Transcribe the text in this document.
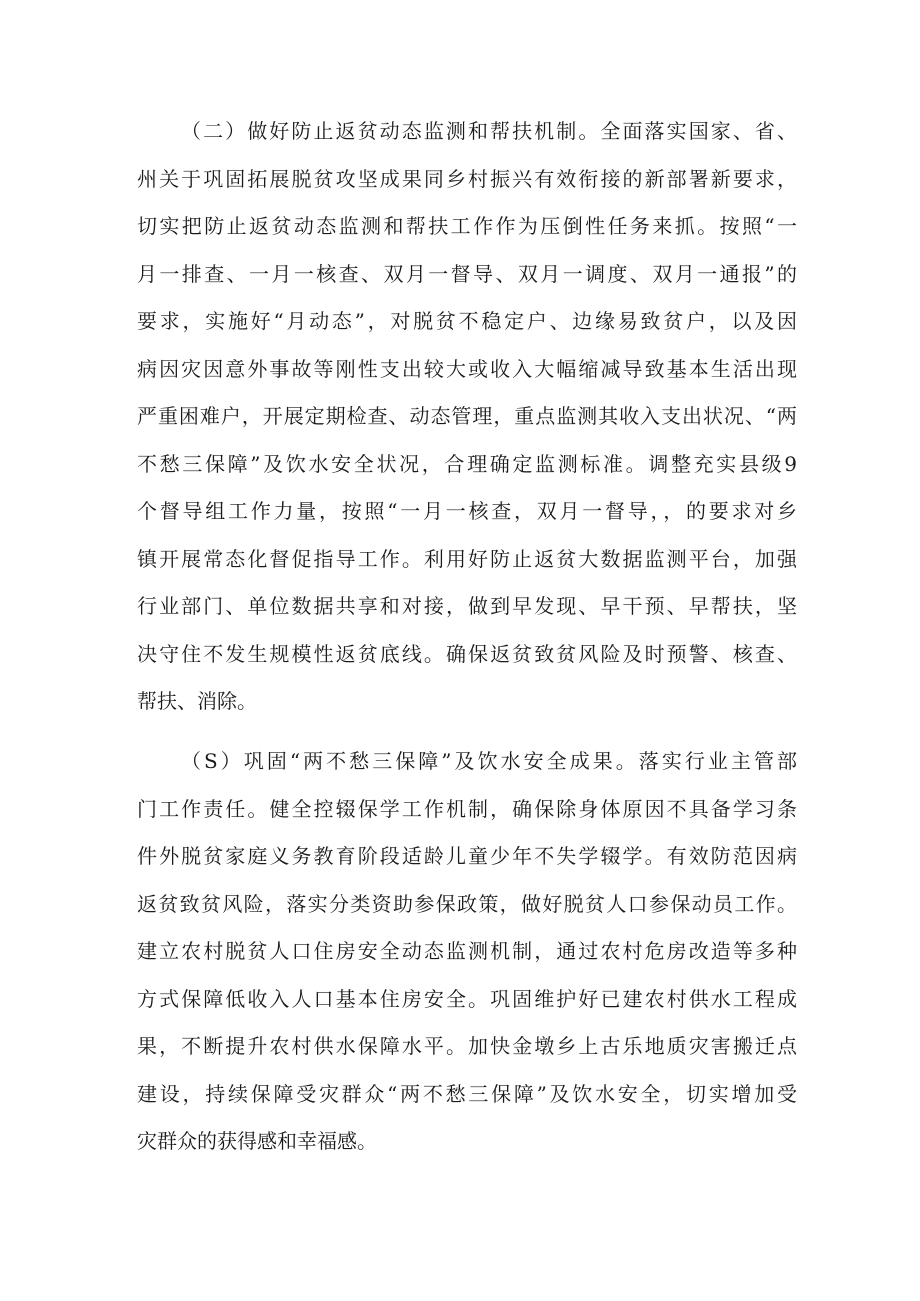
（二）做好防止返贫动态监测和帮扶机制。全面落实国家、省、
州关于巩固拓展脱贫攻坚成果同乡村振兴有效衔接的新部署新要求，
切实把防止返贫动态监测和帮扶工作作为压倒性任务来抓。按照“一
月一排查、一月一核查、双月一督导、双月一调度、双月一通报”的
要求，实施好“月动态”，对脱贫不稳定户、边缘易致贫户，以及因
病因灾因意外事故等刚性支出较大或收入大幅缩减导致基本生活出现
严重困难户，开展定期检查、动态管理，重点监测其收入支出状况、“两
不愁三保障”及饮水安全状况，合理确定监测标准。调整充实县级9
个督导组工作力量，按照“一月一核查，双月一督导，，的要求对乡
镇开展常态化督促指导工作。利用好防止返贫大数据监测平台，加强
行业部门、单位数据共享和对接，做到早发现、早干预、早帮扶，坚
决守住不发生规模性返贫底线。确保返贫致贫风险及时预警、核查、
帮扶、消除。
（S）巩固“两不愁三保障”及饮水安全成果。落实行业主管部
门工作责任。健全控辍保学工作机制，确保除身体原因不具备学习条
件外脱贫家庭义务教育阶段适龄儿童少年不失学辍学。有效防范因病
返贫致贫风险，落实分类资助参保政策，做好脱贫人口参保动员工作。
建立农村脱贫人口住房安全动态监测机制，通过农村危房改造等多种
方式保障低收入人口基本住房安全。巩固维护好已建农村供水工程成
果，不断提升农村供水保障水平。加快金墩乡上古乐地质灾害搬迁点
建设，持续保障受灾群众“两不愁三保障”及饮水安全，切实增加受
灾群众的获得感和幸福感。
